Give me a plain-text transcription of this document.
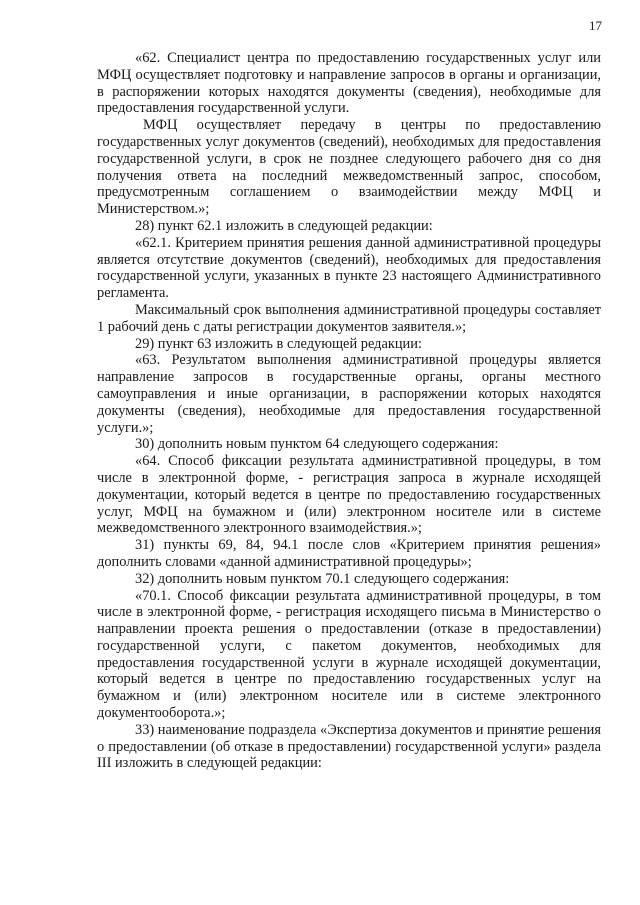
17

«62. Специалист центра по предоставлению государственных услуг или МФЦ осуществляет подготовку и направление запросов в органы и организации, в распоряжении которых находятся документы (сведения), необходимые для предоставления государственной услуги.

МФЦ осуществляет передачу в центры по предоставлению государственных услуг документов (сведений), необходимых для предоставления государственной услуги, в срок не позднее следующего рабочего дня со дня получения ответа на последний межведомственный запрос, способом, предусмотренным соглашением о взаимодействии между МФЦ и Министерством.»;

28) пункт 62.1 изложить в следующей редакции:

«62.1. Критерием принятия решения данной административной процедуры является отсутствие документов (сведений), необходимых для предоставления государственной услуги, указанных в пункте 23 настоящего Административного регламента.

Максимальный срок выполнения административной процедуры составляет 1 рабочий день с даты регистрации документов заявителя.»;

29) пункт 63 изложить в следующей редакции:

«63. Результатом выполнения административной процедуры является направление запросов в государственные органы, органы местного самоуправления и иные организации, в распоряжении которых находятся документы (сведения), необходимые для предоставления государственной услуги.»;

30) дополнить новым пунктом 64 следующего содержания:

«64. Способ фиксации результата административной процедуры, в том числе в электронной форме, - регистрация запроса в журнале исходящей документации, который ведется в центре по предоставлению государственных услуг, МФЦ на бумажном и (или) электронном носителе или в системе межведомственного электронного взаимодействия.»;

31) пункты 69, 84, 94.1 после слов «Критерием принятия решения» дополнить словами «данной административной процедуры»;

32) дополнить новым пунктом 70.1 следующего содержания:

«70.1. Способ фиксации результата административной процедуры, в том числе в электронной форме, - регистрация исходящего письма в Министерство о направлении проекта решения о предоставлении (отказе в предоставлении) государственной услуги, с пакетом документов, необходимых для предоставления государственной услуги в журнале исходящей документации, который ведется в центре по предоставлению государственных услуг на бумажном и (или) электронном носителе или в системе электронного документооборота.»;

33) наименование подраздела «Экспертиза документов и принятие решения о предоставлении (об отказе в предоставлении) государственной услуги» раздела III изложить в следующей редакции:
